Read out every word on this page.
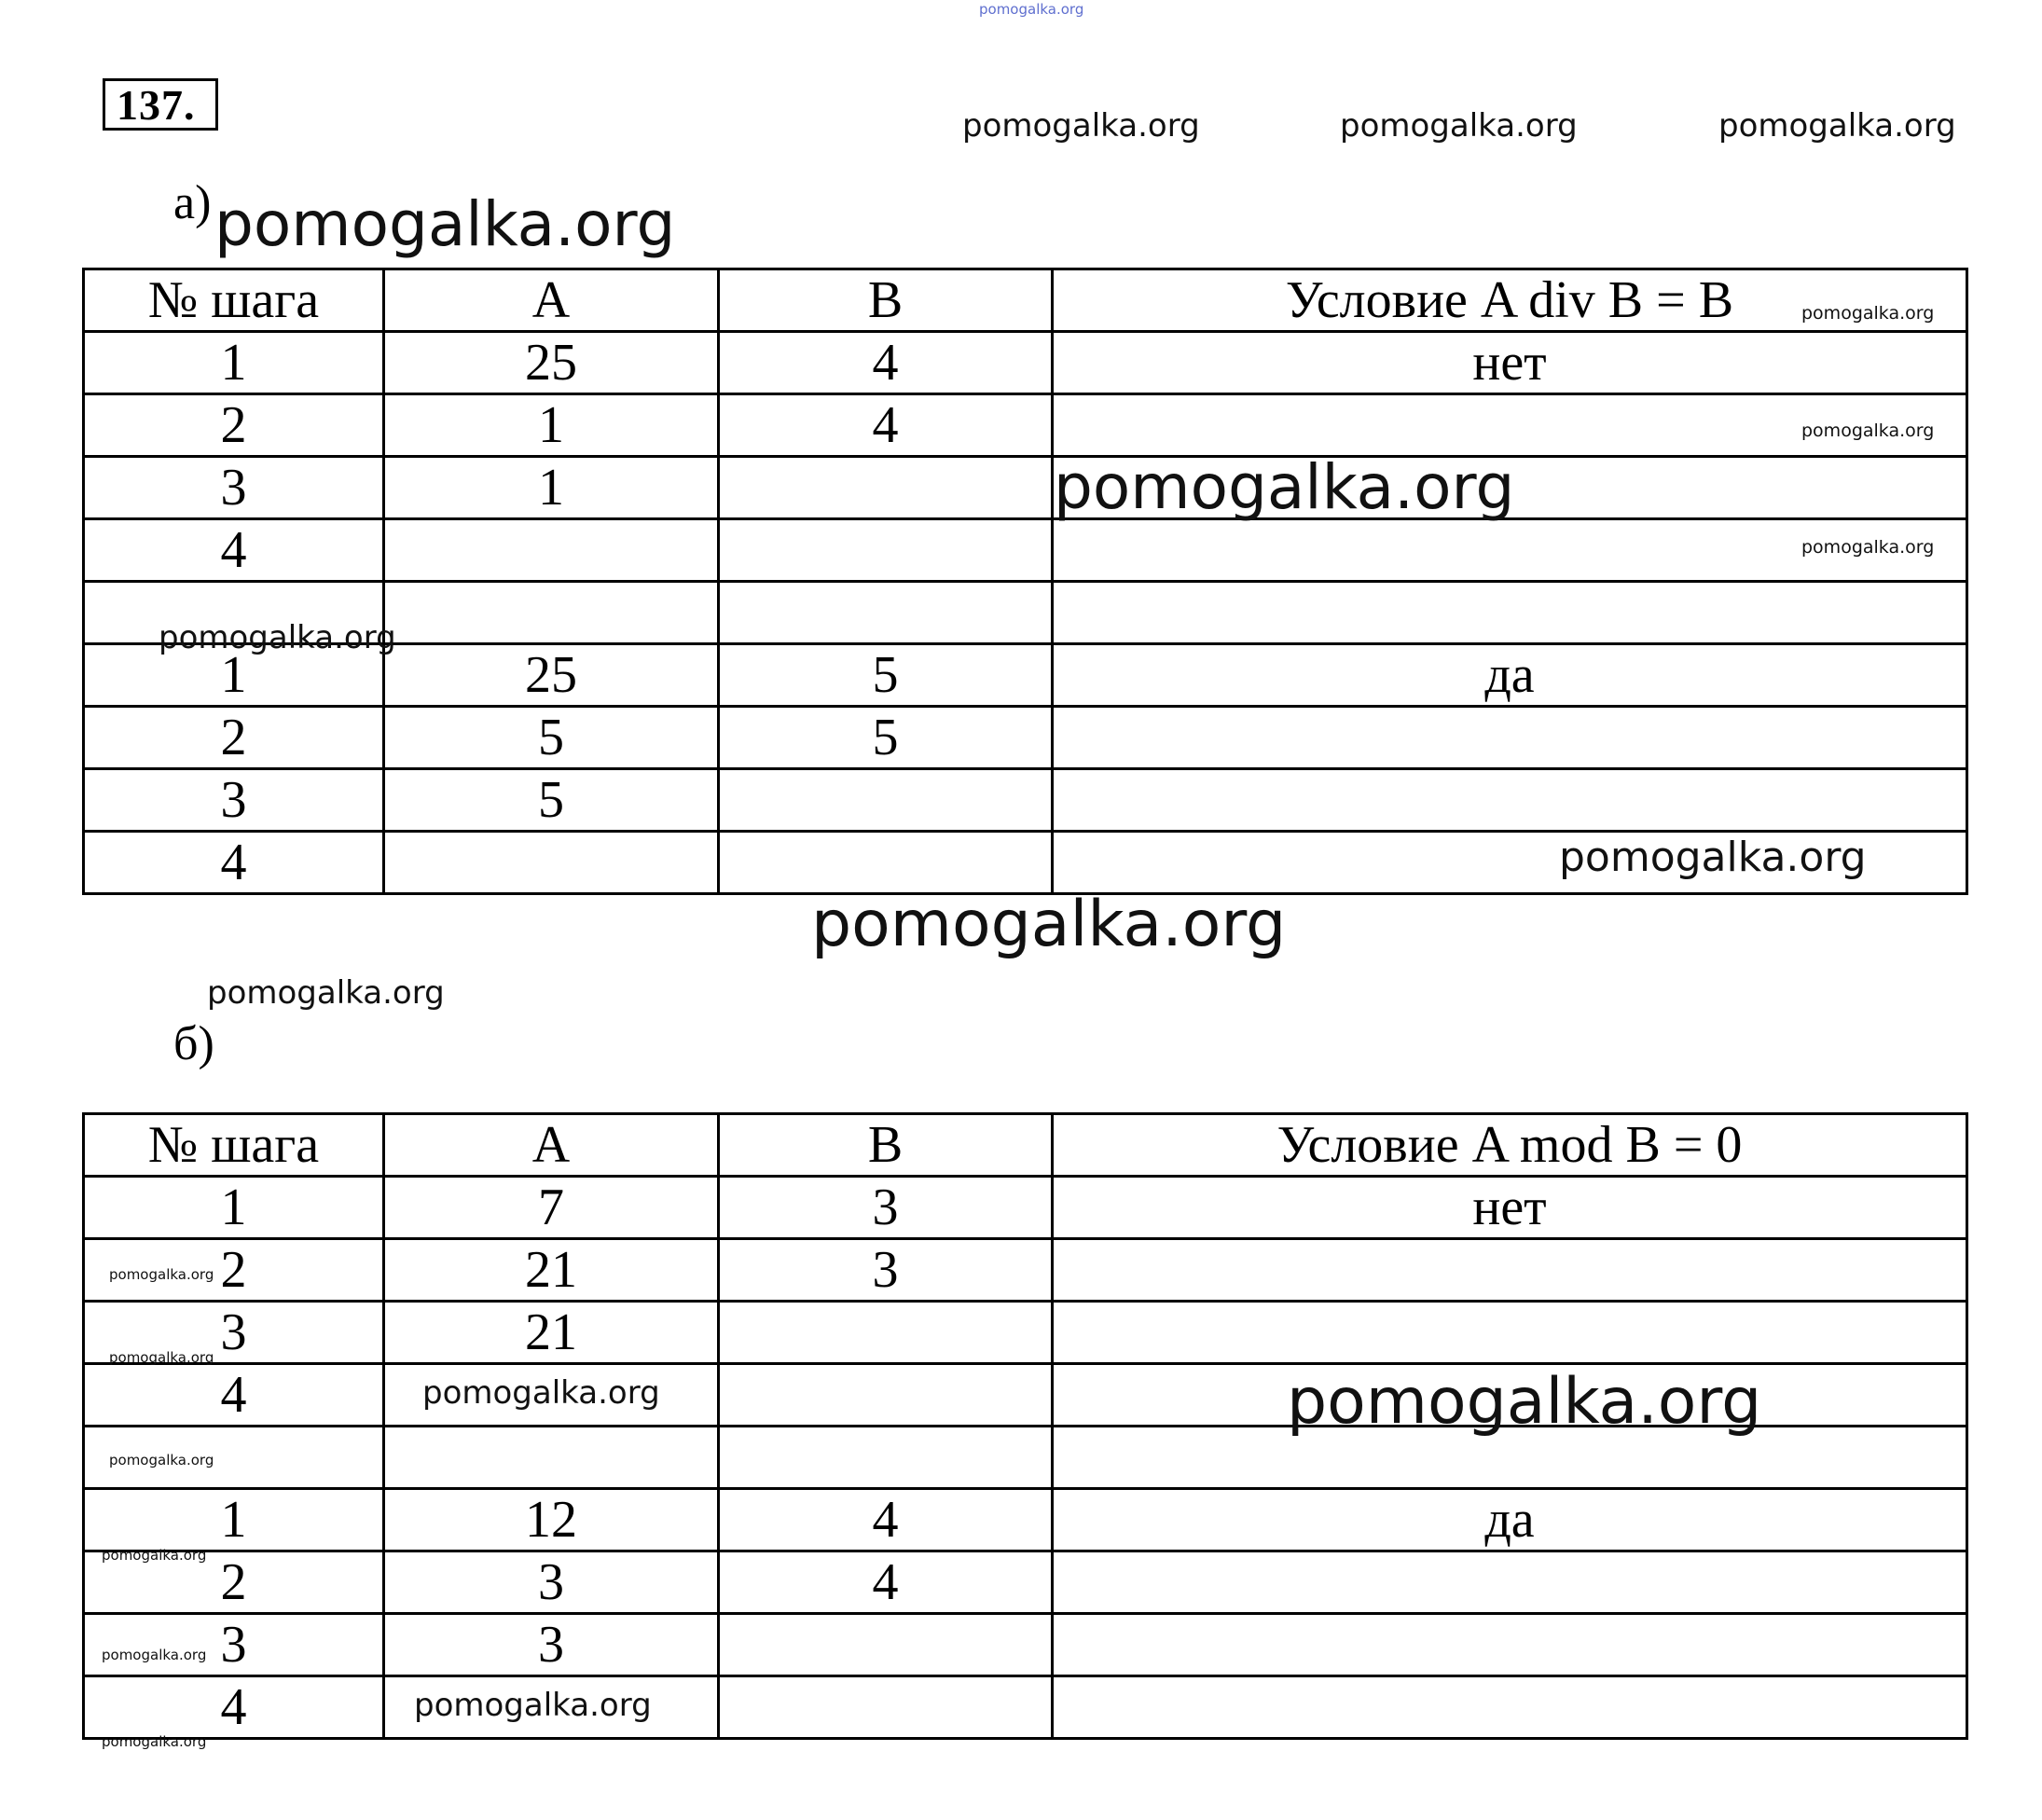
pomogalka.org
pomogalka.org	pomogalka.org	pomogalka.org
pomogalka.org
137.
а)
№ шага	A	B	Условие A div B = B
1	25	4	нет
2	1	4	
3	1		
4			

1	25	5	да
2	5	5	
3	5		
4			
pomogalka.org
pomogalka.org
pomogalka.org
pomogalka.org
pomogalka.org
pomogalka.org
pomogalka.org
pomogalka.org
б)
№ шага	A	B	Условие A mod B = 0
1	7	3	нет
2	21	3	
3	21		
4			

1	12	4	да
2	3	4	
3	3		
4			
pomogalka.org
pomogalka.org
pomogalka.org
pomogalka.org
pomogalka.org
pomogalka.org
pomogalka.org	pomogalka.org
pomogalka.org
